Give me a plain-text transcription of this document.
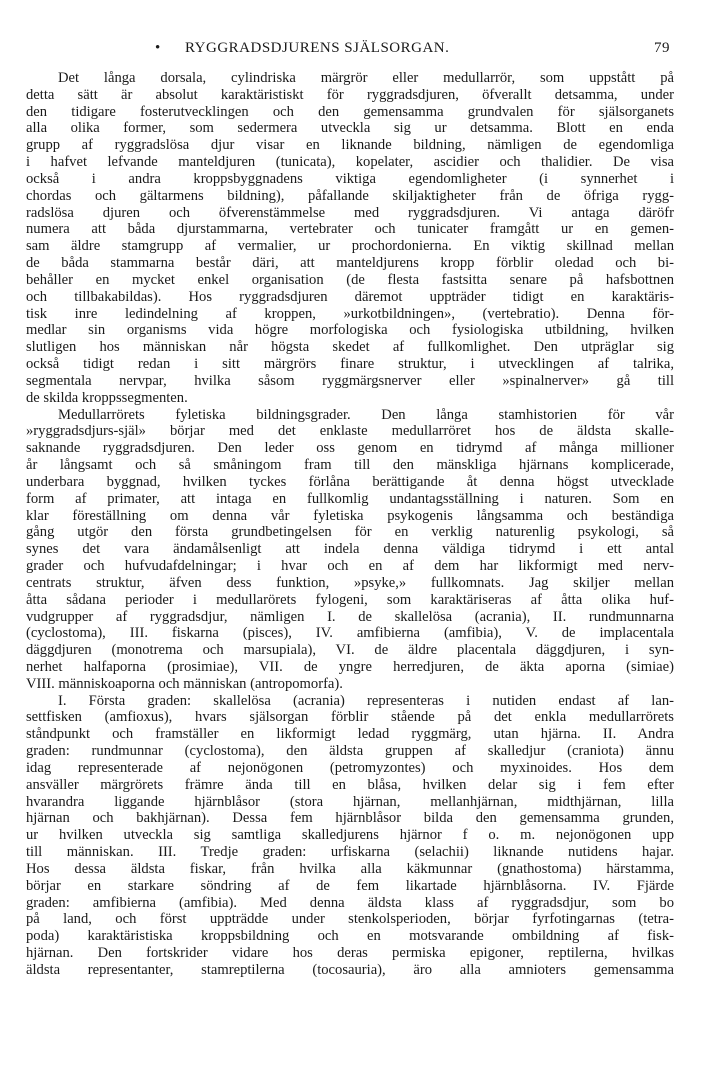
• RYGGRADSDJURENS SJÄLSORGAN.	79
Det långa dorsala, cylindriska märgrör eller medullarrör, som uppstått på
detta sätt är absolut karaktäristiskt för ryggradsdjuren, öfverallt detsamma, under
den tidigare fosterutvecklingen och den gemensamma grundvalen för själsorganets
alla olika former, som sedermera utveckla sig ur detsamma. Blott en enda
grupp af ryggradslösa djur visar en liknande bildning, nämligen de egendomliga
i hafvet lefvande manteldjuren (tunicata), kopelater, ascidier och thalidier. De visa
också i andra kroppsbyggnadens viktiga egendomligheter (i synnerhet i
chordas och gältarmens bildning), påfallande skiljaktigheter från de öfriga rygg-
radslösa djuren och öfverenstämmelse med ryggradsdjuren. Vi antaga däröfr
numera att båda djurstammarna, vertebrater och tunicater framgått ur en gemen-
sam äldre stamgrupp af vermalier, ur prochordonierna. En viktig skillnad mellan
de båda stammarna består däri, att manteldjurens kropp förblir oledad och bi-
behåller en mycket enkel organisation (de flesta fastsitta senare på hafsbottnen
och tillbakabildas). Hos ryggradsdjuren däremot uppträder tidigt en karaktäris-
tisk inre ledindelning af kroppen, »urkotbildningen», (vertebratio). Denna för-
medlar sin organisms vida högre morfologiska och fysiologiska utbildning, hvilken
slutligen hos människan når högsta skedet af fullkomlighet. Den utpräglar sig
också tidigt redan i sitt märgrörs finare struktur, i utvecklingen af talrika,
segmentala nervpar, hvilka såsom ryggmärgsnerver eller »spinalnerver» gå till
de skilda kroppssegmenten.
Medullarrörets fyletiska bildningsgrader. Den långa stamhistorien för vår
»ryggradsdjurs-själ» börjar med det enklaste medullarröret hos de äldsta skalle-
saknande ryggradsdjuren. Den leder oss genom en tidrymd af många millioner
år långsamt och så småningom fram till den mänskliga hjärnans komplicerade,
underbara byggnad, hvilken tyckes förlåna berättigande åt denna högst utvecklade
form af primater, att intaga en fullkomlig undantagsställning i naturen. Som en
klar föreställning om denna vår fyletiska psykogenis långsamma och beständiga
gång utgör den första grundbetingelsen för en verklig naturenlig psykologi, så
synes det vara ändamålsenligt att indela denna väldiga tidrymd i ett antal
grader och hufvudafdelningar; i hvar och en af dem har likformigt med nerv-
centrats struktur, äfven dess funktion, »psyke,» fullkomnats. Jag skiljer mellan
åtta sådana perioder i medullarörets fylogeni, som karaktäriseras af åtta olika huf-
vudgrupper af ryggradsdjur, nämligen I. de skallelösa (acrania), II. rundmunnarna
(cyclostoma), III. fiskarna (pisces), IV. amfibierna (amfibia), V. de implacentala
däggdjuren (monotrema och marsupiala), VI. de äldre placentala däggdjuren, i syn-
nerhet halfaporna (prosimiae), VII. de yngre herredjuren, de äkta aporna (simiae)
VIII. människoaporna och människan (antropomorfa).
I. Första graden: skallelösa (acrania) representeras i nutiden endast af lan-
settfisken (amfioxus), hvars själsorgan förblir stående på det enkla medullarrörets
ståndpunkt och framställer en likformigt ledad ryggmärg, utan hjärna. II. Andra
graden: rundmunnar (cyclostoma), den äldsta gruppen af skalledjur (craniota) ännu
idag representerade af nejonögonen (petromyzontes) och myxinoides. Hos dem
ansväller märgrörets främre ända till en blåsa, hvilken delar sig i fem efter
hvarandra liggande hjärnblåsor (stora hjärnan, mellanhjärnan, midthjärnan, lilla
hjärnan och bakhjärnan). Dessa fem hjärnblåsor bilda den gemensamma grunden,
ur hvilken utveckla sig samtliga skalledjurens hjärnor f o. m. nejonögonen upp
till människan. III. Tredje graden: urfiskarna (selachii) liknande nutidens hajar.
Hos dessa äldsta fiskar, från hvilka alla käkmunnar (gnathostoma) härstamma,
börjar en starkare söndring af de fem likartade hjärnblåsorna. IV. Fjärde
graden: amfibierna (amfibia). Med denna äldsta klass af ryggradsdjur, som bo
på land, och först uppträdde under stenkolsperioden, börjar fyrfotingarnas (tetra-
poda) karaktäristiska kroppsbildning och en motsvarande ombildning af fisk-
hjärnan. Den fortskrider vidare hos deras permiska epigoner, reptilerna, hvilkas
äldsta representanter, stamreptilerna (tocosauria), äro alla amnioters gemensamma
